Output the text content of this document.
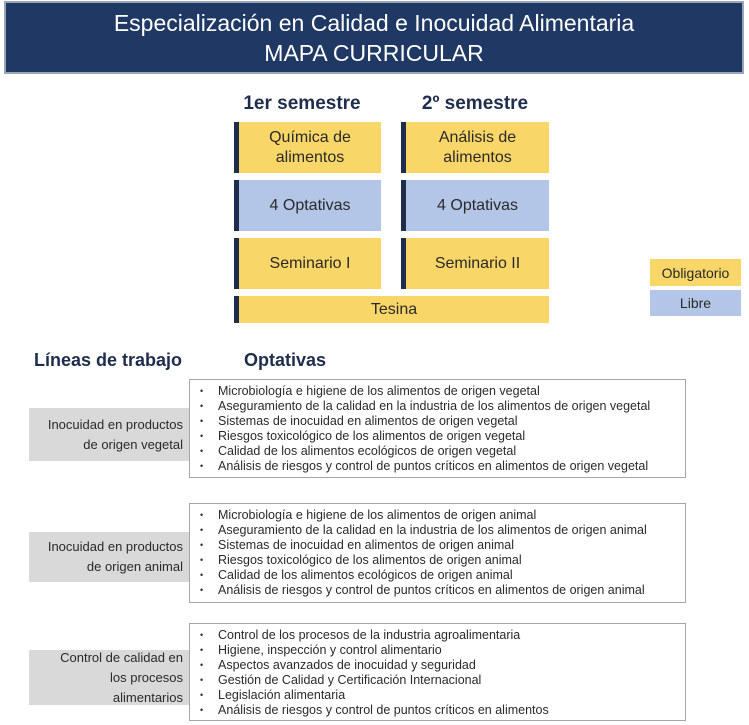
Especialización en Calidad e Inocuidad Alimentaria
MAPA CURRICULAR
1er semestre	2º semestre
Química de alimentos
4 Optativas
Seminario I
Análisis de alimentos
4 Optativas
Seminario II
Tesina
Obligatorio
Libre
Líneas de trabajo	Optativas
Inocuidad en productos
de origen vegetal
• Microbiología e higiene de los alimentos de origen vegetal
• Aseguramiento de la calidad en la industria de los alimentos de origen vegetal
• Sistemas de inocuidad en alimentos de origen vegetal
• Riesgos toxicológico de los alimentos de origen vegetal
• Calidad de los alimentos ecológicos de origen vegetal
• Análisis de riesgos y control de puntos críticos en alimentos de origen vegetal
Inocuidad en productos
de origen animal
• Microbiología e higiene de los alimentos de origen animal
• Aseguramiento de la calidad en la industria de los alimentos de origen animal
• Sistemas de inocuidad en alimentos de origen animal
• Riesgos toxicológico de los alimentos de origen animal
• Calidad de los alimentos ecológicos de origen animal
• Análisis de riesgos y control de puntos críticos en alimentos de origen animal
Control de calidad en
los procesos
alimentarios
• Control de los procesos de la industria agroalimentaria
• Higiene, inspección y control alimentario
• Aspectos avanzados de inocuidad y seguridad
• Gestión de Calidad y Certificación Internacional
• Legislación alimentaria
• Análisis de riesgos y control de puntos críticos en alimentos
